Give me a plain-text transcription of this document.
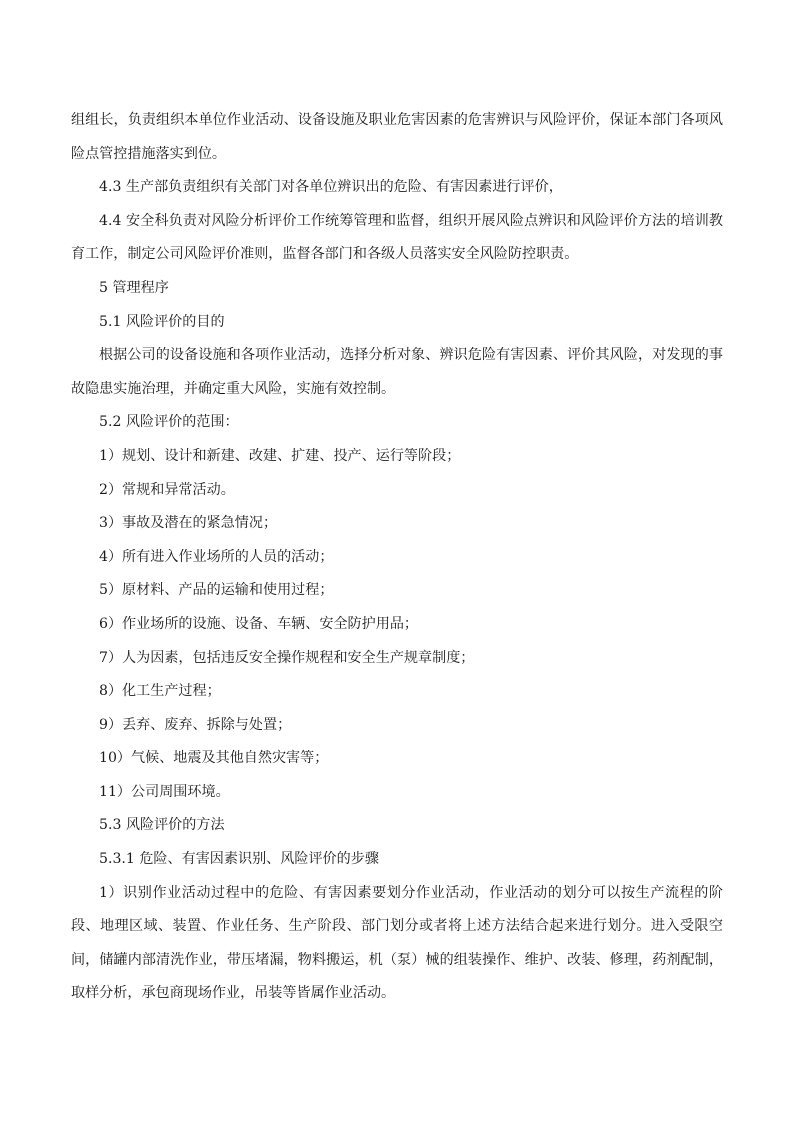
组组长，负责组织本单位作业活动、设备设施及职业危害因素的危害辨识与风险评价，保证本部门各项风险点管控措施落实到位。

4.3 生产部负责组织有关部门对各单位辨识出的危险、有害因素进行评价，

4.4 安全科负责对风险分析评价工作统筹管理和监督，组织开展风险点辨识和风险评价方法的培训教育工作，制定公司风险评价准则，监督各部门和各级人员落实安全风险防控职责。

5 管理程序

5.1 风险评价的目的

根据公司的设备设施和各项作业活动，选择分析对象、辨识危险有害因素、评价其风险，对发现的事故隐患实施治理，并确定重大风险，实施有效控制。

5.2 风险评价的范围：

1）规划、设计和新建、改建、扩建、投产、运行等阶段；

2）常规和异常活动。

3）事故及潜在的紧急情况；

4）所有进入作业场所的人员的活动；

5）原材料、产品的运输和使用过程；

6）作业场所的设施、设备、车辆、安全防护用品；

7）人为因素，包括违反安全操作规程和安全生产规章制度；

8）化工生产过程；

9）丢弃、废弃、拆除与处置；

10）气候、地震及其他自然灾害等；

11）公司周围环境。

5.3 风险评价的方法

5.3.1 危险、有害因素识别、风险评价的步骤

1）识别作业活动过程中的危险、有害因素要划分作业活动，作业活动的划分可以按生产流程的阶段、地理区域、装置、作业任务、生产阶段、部门划分或者将上述方法结合起来进行划分。进入受限空间，储罐内部清洗作业，带压堵漏，物料搬运，机（泵）械的组装操作、维护、改装、修理，药剂配制，取样分析，承包商现场作业，吊装等皆属作业活动。
